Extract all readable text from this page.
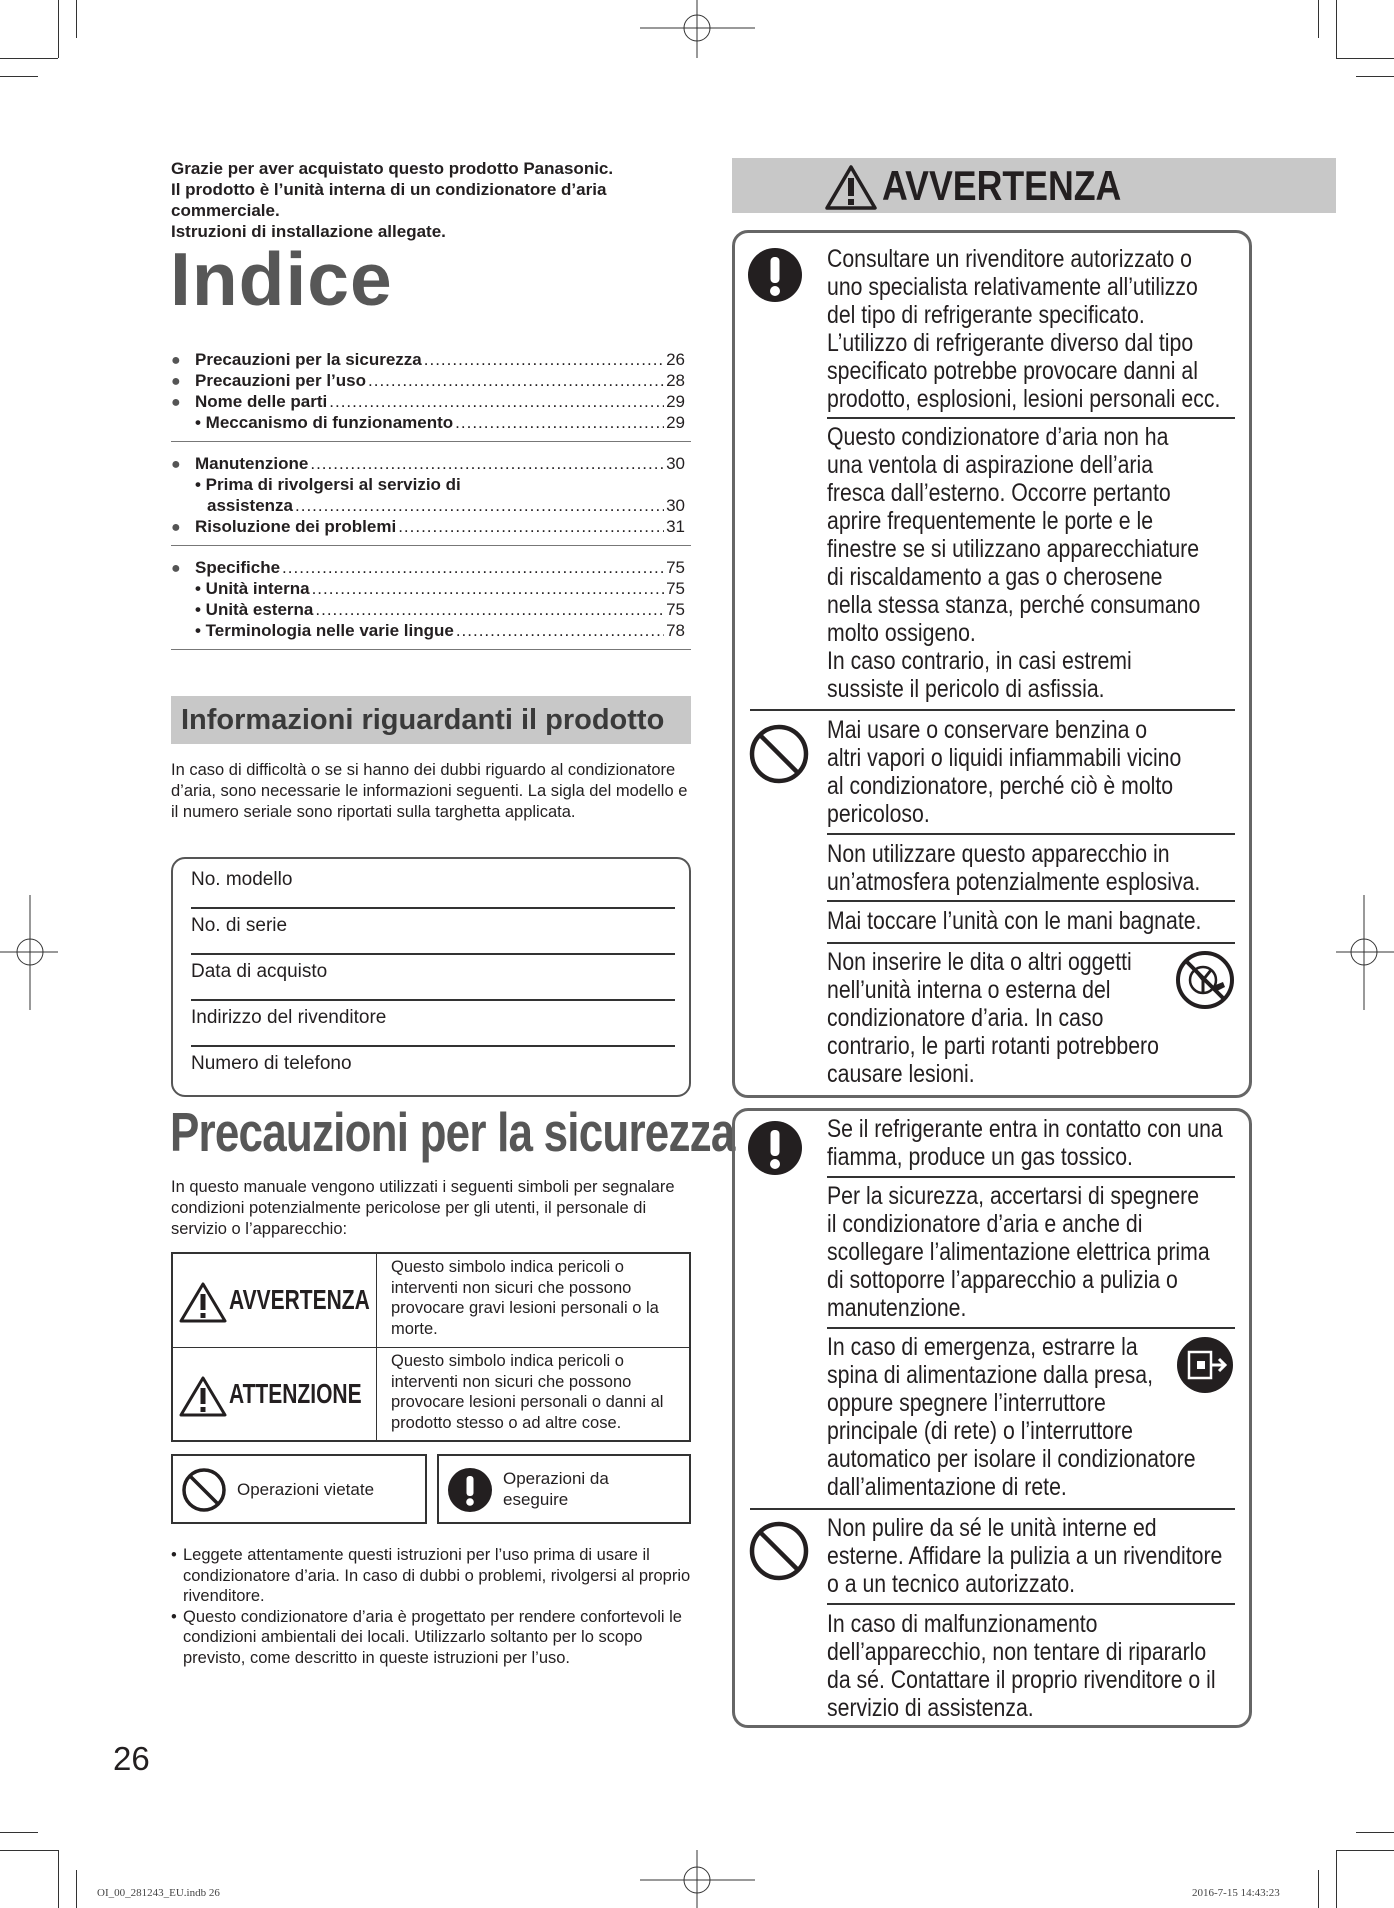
Grazie per aver acquistato questo prodotto Panasonic.
Il prodotto è l’unità interna di un condizionatore d’aria
commerciale.
Istruzioni di installazione allegate.
Indice
● Precauzioni per la sicurezza .....	26
● Precauzioni per l’uso .....	28
● Nome delle parti .....	29
• Meccanismo di funzionamento .....	29
● Manutenzione .....	30
• Prima di rivolgersi al servizio di
assistenza .....	30
● Risoluzione dei problemi .....	31
● Specifiche .....	75
• Unità interna .....	75
• Unità esterna .....	75
• Terminologia nelle varie lingue .....	78
Informazioni riguardanti il prodotto
In caso di difficoltà o se si hanno dei dubbi riguardo al condizionatore d’aria, sono necessarie le informazioni seguenti. La sigla del modello e il numero seriale sono riportati sulla targhetta applicata.
No. modello
No. di serie
Data di acquisto
Indirizzo del rivenditore
Numero di telefono
Precauzioni per la sicurezza
In questo manuale vengono utilizzati i seguenti simboli per segnalare condizioni potenzialmente pericolose per gli utenti, il personale di servizio o l’apparecchio:
AVVERTENZA
Questo simbolo indica pericoli o interventi non sicuri che possono provocare gravi lesioni personali o la morte.
ATTENZIONE
Questo simbolo indica pericoli o interventi non sicuri che possono provocare lesioni personali o danni al prodotto stesso o ad altre cose.
Operazioni vietate
Operazioni da
eseguire
• Leggete attentamente questi istruzioni per l’uso prima di usare il condizionatore d’aria. In caso di dubbi o problemi, rivolgersi al proprio rivenditore.
• Questo condizionatore d’aria è progettato per rendere confortevoli le condizioni ambientali dei locali. Utilizzarlo soltanto per lo scopo previsto, come descritto in queste istruzioni per l’uso.
26
OI_00_281243_EU.indb 26	2016-7-15 14:43:23
AVVERTENZA
Consultare un rivenditore autorizzato o
uno specialista relativamente all’utilizzo
del tipo di refrigerante specificato.
L’utilizzo di refrigerante diverso dal tipo
specificato potrebbe provocare danni al
prodotto, esplosioni, lesioni personali ecc.
Questo condizionatore d’aria non ha
una ventola di aspirazione dell’aria
fresca dall’esterno. Occorre pertanto
aprire frequentemente le porte e le
finestre se si utilizzano apparecchiature
di riscaldamento a gas o cherosene
nella stessa stanza, perché consumano
molto ossigeno.
In caso contrario, in casi estremi
sussiste il pericolo di asfissia.
Mai usare o conservare benzina o
altri vapori o liquidi infiammabili vicino
al condizionatore, perché ciò è molto
pericoloso.
Non utilizzare questo apparecchio in
un’atmosfera potenzialmente esplosiva.
Mai toccare l’unità con le mani bagnate.
Non inserire le dita o altri oggetti
nell’unità interna o esterna del
condizionatore d’aria. In caso
contrario, le parti rotanti potrebbero
causare lesioni.
Se il refrigerante entra in contatto con una
fiamma, produce un gas tossico.
Per la sicurezza, accertarsi di spegnere
il condizionatore d’aria e anche di
scollegare l’alimentazione elettrica prima
di sottoporre l’apparecchio a pulizia o
manutenzione.
In caso di emergenza, estrarre la
spina di alimentazione dalla presa,
oppure spegnere l’interruttore
principale (di rete) o l’interruttore
automatico per isolare il condizionatore
dall’alimentazione di rete.
Non pulire da sé le unità interne ed
esterne. Affidare la pulizia a un rivenditore
o a un tecnico autorizzato.
In caso di malfunzionamento
dell’apparecchio, non tentare di ripararlo
da sé. Contattare il proprio rivenditore o il
servizio di assistenza.
